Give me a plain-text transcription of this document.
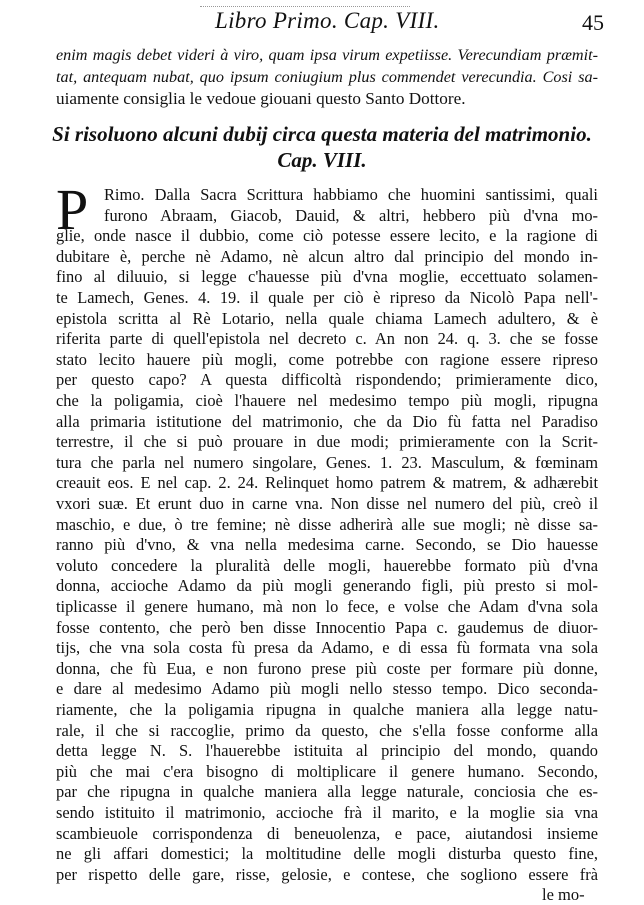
Libro Primo. Cap. VIII.	45
enim magis debet videri à viro, quam ipsa virum expetiisse. Verecundiam præmit-
tat, antequam nubat, quo ipsum coniugium plus commendet verecundia. Cosi sa-
uiamente consiglia le vedoue giouani questo Santo Dottore.
Si risoluono alcuni dubij circa questa materia del matrimonio.
Cap. VIII.
P Rimo. Dalla Sacra Scrittura habbiamo che huomini santissimi, quali
furono Abraam, Giacob, Dauid, & altri, hebbero più d'vna mo-
glie, onde nasce il dubbio, come ciò potesse essere lecito, e la ragione di
dubitare è, perche nè Adamo, nè alcun altro dal principio del mondo in-
fino al diluuio, si legge c'hauesse più d'vna moglie, eccettuato solamen-
te Lamech, Genes. 4. 19. il quale per ciò è ripreso da Nicolò Papa nell'-
epistola scritta al Rè Lotario, nella quale chiama Lamech adultero, & è
riferita parte di quell'epistola nel decreto c. An non 24. q. 3. che se fosse
stato lecito hauere più mogli, come potrebbe con ragione essere ripreso
per questo capo? A questa difficoltà rispondendo; primieramente dico,
che la poligamia, cioè l'hauere nel medesimo tempo più mogli, ripugna
alla primaria istitutione del matrimonio, che da Dio fù fatta nel Paradiso
terrestre, il che si può prouare in due modi; primieramente con la Scrit-
tura che parla nel numero singolare, Genes. 1. 23. Masculum, & fœminam
creauit eos. E nel cap. 2. 24. Relinquet homo patrem & matrem, & adhærebit
vxori suæ. Et erunt duo in carne vna. Non disse nel numero del più, creò il
maschio, e due, ò tre femine; nè disse adherirà alle sue mogli; nè disse sa-
ranno più d'vno, & vna nella medesima carne. Secondo, se Dio hauesse
voluto concedere la pluralità delle mogli, hauerebbe formato più d'vna
donna, accioche Adamo da più mogli generando figli, più presto si mol-
tiplicasse il genere humano, mà non lo fece, e volse che Adam d'vna sola
fosse contento, che però ben disse Innocentio Papa c. gaudemus de diuor-
tijs, che vna sola costa fù presa da Adamo, e di essa fù formata vna sola
donna, che fù Eua, e non furono prese più coste per formare più donne,
e dare al medesimo Adamo più mogli nello stesso tempo. Dico seconda-
riamente, che la poligamia ripugna in qualche maniera alla legge natu-
rale, il che si raccoglie, primo da questo, che s'ella fosse conforme alla
detta legge N. S. l'hauerebbe istituita al principio del mondo, quando
più che mai c'era bisogno di moltiplicare il genere humano. Secondo,
par che ripugna in qualche maniera alla legge naturale, conciosia che es-
sendo istituito il matrimonio, accioche frà il marito, e la moglie sia vna
scambieuole corrispondenza di beneuolenza, e pace, aiutandosi insieme
ne gli affari domestici; la moltitudine delle mogli disturba questo fine,
per rispetto delle gare, risse, gelosie, e contese, che sogliono essere frà
le mo-
